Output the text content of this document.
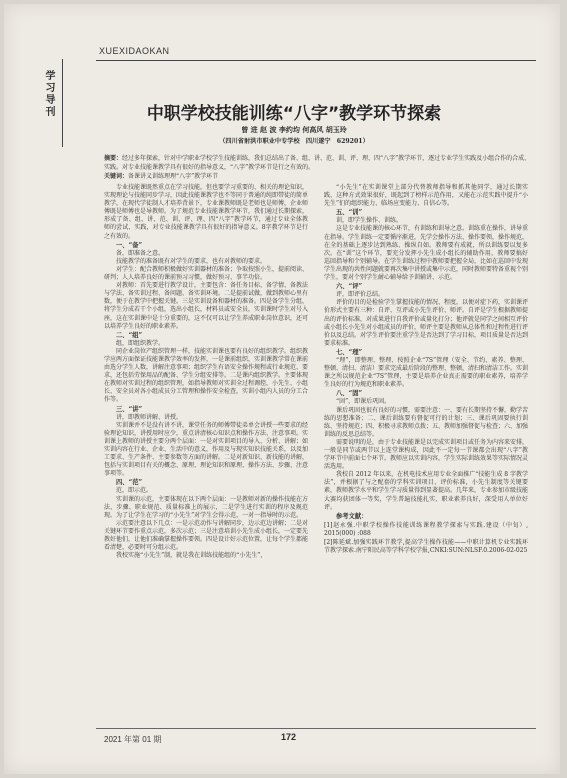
XUEXIDAOKAN
学习导刊	中职学校技能训练“八字”教学环节探索
曾 进 赵 波 李约均 何高风 胡玉玲
（四川省射洪市职业中专学校　四川遂宁　629201）
摘要：经过多年探索，针对中学职业学校学生技能训练，我们总结出了备、组、讲、范、训、评、理、四“八字”教学环节，逐过专业学生实践及小组合作的合成、实践。对专业技能课教学具有很好的指导意义，“八字”教学环节是行之有效的。
关键词：备课讲义训练理理“八字”教学环节

专业技能课既然重点在学习技能，但也要学习重要的、相关的理论知识，实现理论与技能同步学习，因此技能课教学也不等同于普通的纯即带徒的简单教学，在现代学徒制人才培养背景下，专业课教师既是老师也是师傅，企业师傅既是师傅也是导教师。为了规范专业技能课教学环节，我们通过长期探索，形成了备、组、讲、范、训、评、理、四“八字”教学环节，通过专业全体教师的尝试、实践，对专业技能课教学具有很好的指导意义。8字教学环节是行之有效的。

一、“备”

备，即准备之意。

技能教学的准备既有对学生的要求，也有对教师的要求。

对学生：配合教师积极做好实训器材的准备；争取按照小生，提前阅读、研判；人人培养良好的课前预习习惯，做好预习、事半功倍。

对教师：首先要进行教学设计，主要包含：备任务目标、备学情、备教法与学法、备实训过程、备问题、备实训环境。二是提前试做，做到教师心里有数，便于在教学中把握关键。三是实训设备和器材的准备。四是备学生分组，将学生分成若干个小组，选出小组长，材料员或安全员，实训课时学生对号入座，这在实训课中是十分重要的，这不仅可以让学生养成职业岗位意识，还可以培养学生良好的职业素养。

二、“组”

组，即组织教学。

同企业岗位产组织管理一样，技能实训课也要有良好的组织教学。组织教学应两方面保证技能课教学效率的发挥，一是课前组织，实训课教学常在课前由选分学生人数，讲解注意事项；组织学生有语安全操作规程或行业规范、要求，还包括劳保用品的配备、学生分组安排等。二是课内组织教学。主要体现在教师对实训过程的组织管理，如指导教师对实训全过程调控，小先生、小组长、安全员对各小组成员分工管理和操作安全检查，实训小组内人员的分工合作等。

三、“讲”

讲，即教师讲解、讲授。

实训课并不是没有讲不讲，课堂任务的师傅带徒弟单会讲授一些要求的经验理论知识，讲授用时应少，重点讲清核心知识点和操作方法、注意事项。实训课上教师的讲授主要分两个层面：一是对实训项目的导入、分析、讲解；如实训内容在行业、企业、生活中的意义，作用及与现实知识技能关系，以及加工要求、生产条件、主要参数等方面的讲解。二是对新知识、新技能的讲解，包括与实训项目有关的概念、原理、理论知识和原理、操作方法、步骤、注意事项等。

四、“范”

范，即示范。

实训课的示范，主要体现在以下两个层面：一是教师对新的操作技能在方法、步骤、职业规范、质量标准上的展示，二是学生进行实训的程序及规范现。为了让学生在学习的“小先生”对学生会得示范，一对一指导时的示范。

示范要注意以下几点：一是示范动作与讲解同步，边示范边讲解；二是对关键环节要作重点示范，多次示范；三是注意培训小先生成小组长，一定要先教好他们，让他们准确掌握操作要领。四是设计好示范位置，让每个学生都能看清楚，必要时可分组示范。

我校实施“小先生”制，就是我在训练技能组的“小先生”，

“小先生”在实训课堂上部分代替教师指导和抓其他同学，通过长期实践，这种方式效果很好，既起到了榜样示范作用，又能在示范实践中提升“小先生”们的组织能力、临场应变能力、自信心等。

五、“训”

训，即学生操作、训练。

这是专业技能课的核心环节，有训练和训导之意。训练重在操作，讲导重在指导。学生训练一定要循序渐进，先学会操作方法、操作要领，操作规范，在全的基础上逐步达到熟练、操纵自如。教师要有成就，所以训练要以复多次。在“训”这个环节，要充分发挥小先生成小组长的辅助作用，教师要搞好巡回指导和个别辅导。在学生训练过程中教师要把握全局，比如在巡回中发现学生出现的共性问题就要再次集中讲授或集中示范，同时教师要特备重视个别学生，要对个别学生耐心辅导给予训辅讲、示范。

六、“评”

评，即评价总结。

评价的目的是检验学生掌握技能的情况、程度，以便对症下药，实训课评价形式主要有三种：自评、互评或小先生评价、师评。自评是学生根据教师提出的评价标准，对成果进行自我评价或量化打分；他评就是同学之间相互评价或小组长小先生对小组成员的评价，师评主要是教师从总体性和过程性进行评价以及总结。对学生评价要注重学生是否达到了学习目标，项目质量是否达到要求标准。

七、“理”

“理”，即整理、整理、按照企业“7S”管理（安全、节约、素养、整理、整顿、清扫、清洁）要求完成最后阶段的整理、整顿，清扫和清洁工作。实训课之所以规范企业“7S”管理，主要是培养企业真正需要的职业素养，培养学生良好的行为规范和职业素养。

八、“固”

“固”，即课后巩固。

课后巩固也很有良好的习惯，需要注意：一、要有长期坚持不懈，勤学苦练的思想准备；二、课后训练要有督促可行的计划；三、课后巩固要执行训练、坚持规范；四、积极寻求教师点拨；五、教师加强督促与检查；六、加强训练的反思总结等。

需要说明的是，由于专业技能课是以完成实训项目或任务为内容来安排，一般是同节或两节以上连堂课构成，因此不一定每一节课都会出现“八字”教学环节中前面七个环节。教师应以实训内容，学生实际训练效果等实际情况灵活选用。

我校自 2012 年以来，在机电技术应用专业全面推广“技能生成 8 字教学法”，并根据了与之配套的学科实训项目、评价标准，小先生制度等关键要素，教师教学水平和学生学习质量得到显著提高。几年来，专业参加市级技能大赛均获团体一等奖，学生普遍技能扎实、职业素养良好，深受用人单位好评。

参考文献：

[1]赵永强.中职学校操作技能训练课程教学探索与实践.建设（中旬）, 2015(000) :088

[2]陈延斌.加强实践环节教学,提高学生操作技能——中职计算机专业实践环节教学探索.南宁阳民高等学科学校学报,CNKI:SUN:NLSF.0.2006-02-025

2021 年第 01 期	172
